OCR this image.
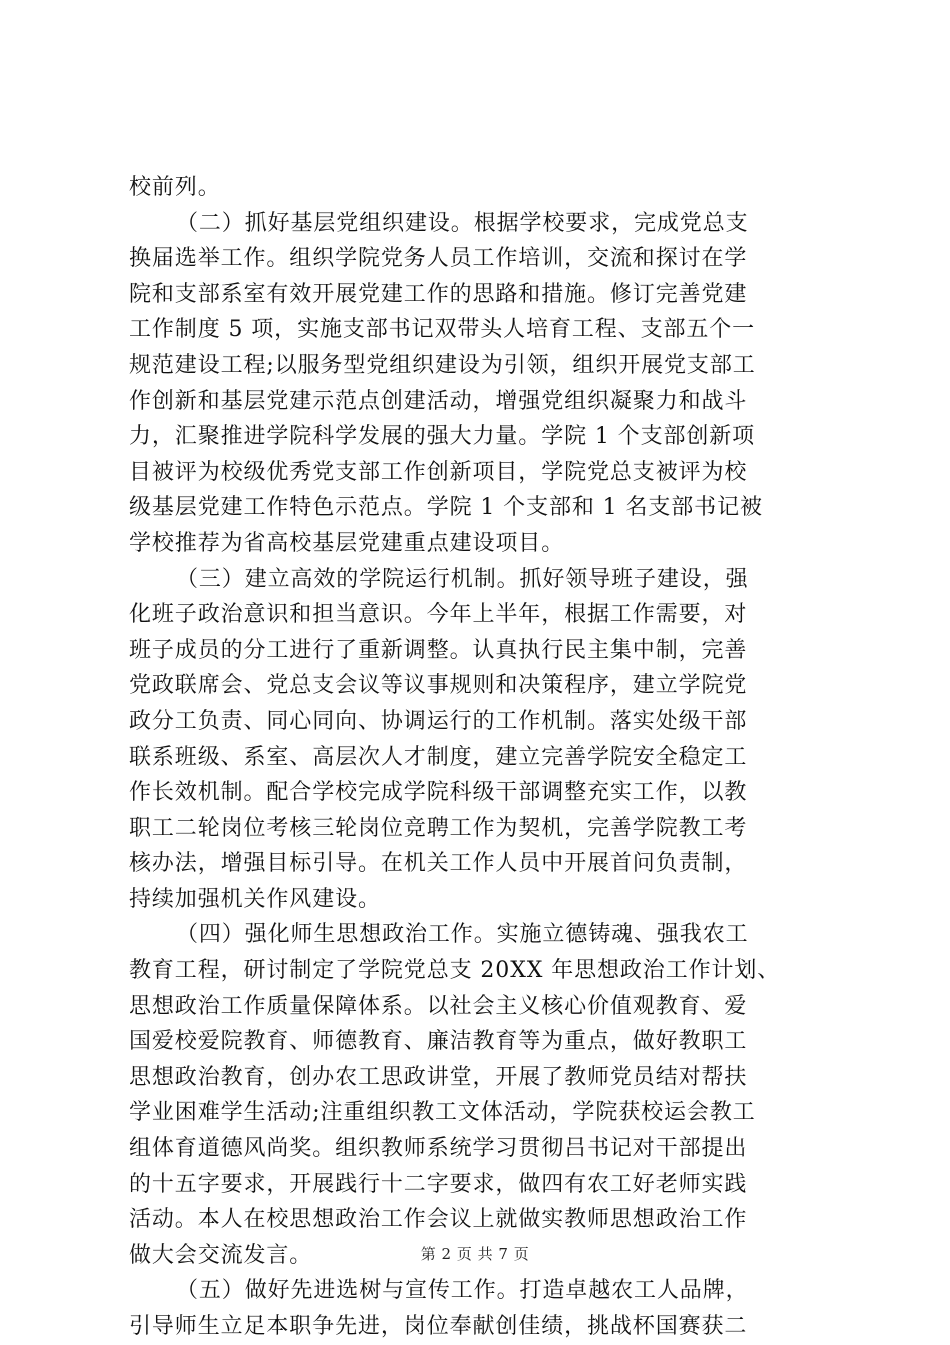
校前列。
（二）抓好基层党组织建设。根据学校要求，完成党总支
换届选举工作。组织学院党务人员工作培训，交流和探讨在学
院和支部系室有效开展党建工作的思路和措施。修订完善党建
工作制度 5 项，实施支部书记双带头人培育工程、支部五个一
规范建设工程;以服务型党组织建设为引领，组织开展党支部工
作创新和基层党建示范点创建活动，增强党组织凝聚力和战斗
力，汇聚推进学院科学发展的强大力量。学院 1 个支部创新项
目被评为校级优秀党支部工作创新项目，学院党总支被评为校
级基层党建工作特色示范点。学院 1 个支部和 1 名支部书记被
学校推荐为省高校基层党建重点建设项目。
（三）建立高效的学院运行机制。抓好领导班子建设，强
化班子政治意识和担当意识。今年上半年，根据工作需要，对
班子成员的分工进行了重新调整。认真执行民主集中制，完善
党政联席会、党总支会议等议事规则和决策程序，建立学院党
政分工负责、同心同向、协调运行的工作机制。落实处级干部
联系班级、系室、高层次人才制度，建立完善学院安全稳定工
作长效机制。配合学校完成学院科级干部调整充实工作，以教
职工二轮岗位考核三轮岗位竞聘工作为契机，完善学院教工考
核办法，增强目标引导。在机关工作人员中开展首问负责制，
持续加强机关作风建设。
（四）强化师生思想政治工作。实施立德铸魂、强我农工
教育工程，研讨制定了学院党总支 20XX 年思想政治工作计划、
思想政治工作质量保障体系。以社会主义核心价值观教育、爱
国爱校爱院教育、师德教育、廉洁教育等为重点，做好教职工
思想政治教育，创办农工思政讲堂，开展了教师党员结对帮扶
学业困难学生活动;注重组织教工文体活动，学院获校运会教工
组体育道德风尚奖。组织教师系统学习贯彻吕书记对干部提出
的十五字要求，开展践行十二字要求，做四有农工好老师实践
活动。本人在校思想政治工作会议上就做实教师思想政治工作
做大会交流发言。
（五）做好先进选树与宣传工作。打造卓越农工人品牌，
引导师生立足本职争先进，岗位奉献创佳绩，挑战杯国赛获二
第 2 页 共 7 页
